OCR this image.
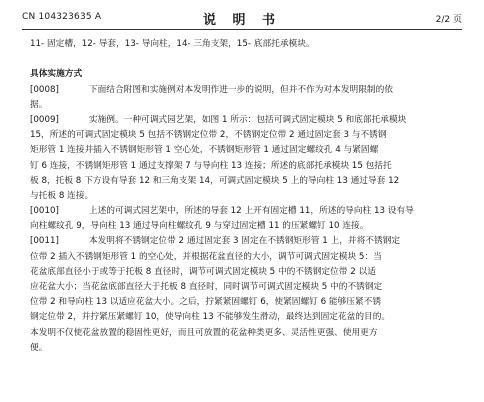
CN 104323635 A	说 明 书	2/2 页
11- 固定槽，12- 导套，13- 导向柱，14- 三角支架，15- 底部托承模块。
具体实施方式
[0008]	下面结合附图和实施例对本发明作进一步的说明，但并不作为对本发明限制的依
据。
[0009]	实施例。一种可调式园艺架，如图 1 所示：包括可调式固定模块 5 和底部托承模块
15，所述的可调式固定模块 5 包括不锈钢定位带 2，不锈钢定位带 2 通过固定套 3 与不锈钢
矩形管 1 连接并插入不锈钢矩形管 1 空心处，不锈钢矩形管 1 通过固定螺纹孔 4 与紧固螺
钉 6 连接，不锈钢矩形管 1 通过支撑架 7 与导向柱 13 连接；所述的底部托承模块 15 包括托
板 8，托板 8 下方设有导套 12 和三角支架 14，可调式固定模块 5 上的导向柱 13 通过导套 12
与托板 8 连接。
[0010]	上述的可调式园艺架中，所述的导套 12 上开有固定槽 11，所述的导向柱 13 设有导
向柱螺纹孔 9，导向柱 13 通过导向柱螺纹孔 9 与穿过固定槽 11 的压紧螺钉 10 连接。
[0011]	本发明将不锈钢定位带 2 通过固定套 3 固定在不锈钢矩形管 1 上，并将不锈钢定
位带 2 插入不锈钢矩形管 1 的空心处，并根据花盆直径的大小，调节可调式固定模块 5：当
花盆底部直径小于或等于托板 8 直径时，调节可调式固定模块 5 中的不锈钢定位带 2 以适
应花盆大小；当花盆底部直径大于托板 8 直径时，同时调节可调式固定模块 5 中的不锈钢定
位带 2 和导向柱 13 以适应花盆大小。之后，拧紧紧固螺钉 6，使紧固螺钉 6 能够压紧不锈
钢定位带 2，并拧紧压紧螺钉 10，使导向柱 13 不能够发生滑动，最终达到固定花盆的目的。
本发明不仅使花盆放置的稳固性更好，而且可放置的花盆种类更多、灵活性更强、使用更方
便。
